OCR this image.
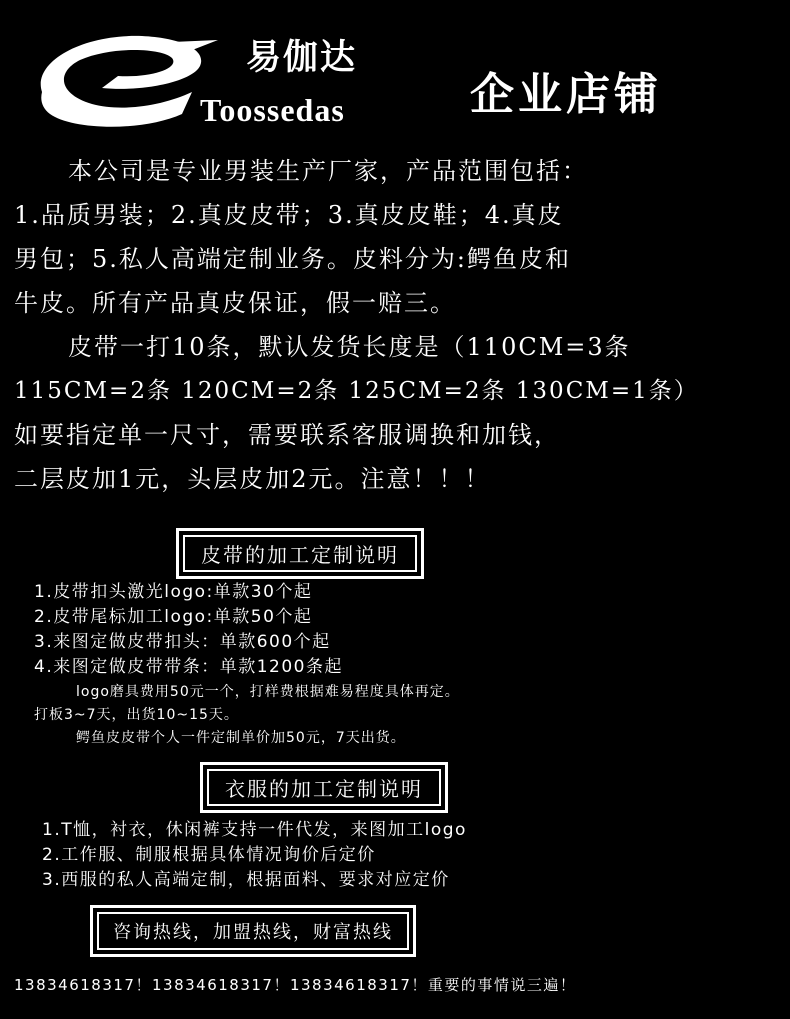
易伽达
Toossedas	企业店铺
　　本公司是专业男装生产厂家，产品范围包括：
1.品质男装；2.真皮皮带；3.真皮皮鞋；4.真皮
男包；5.私人高端定制业务。皮料分为:鳄鱼皮和
牛皮。所有产品真皮保证，假一赔三。
　　皮带一打10条，默认发货长度是（110CM=3条
115CM=2条 120CM=2条 125CM=2条 130CM=1条）
如要指定单一尺寸，需要联系客服调换和加钱，
二层皮加1元，头层皮加2元。注意！！！
皮带的加工定制说明
1.皮带扣头激光logo:单款30个起
2.皮带尾标加工logo:单款50个起
3.来图定做皮带扣头：单款600个起
4.来图定做皮带带条：单款1200条起
logo磨具费用50元一个，打样费根据难易程度具体再定。
打板3~7天，出货10~15天。
鳄鱼皮皮带个人一件定制单价加50元，7天出货。
衣服的加工定制说明
1.T恤，衬衣，休闲裤支持一件代发，来图加工logo
2.工作服、制服根据具体情况询价后定价
3.西服的私人高端定制，根据面料、要求对应定价
咨询热线，加盟热线，财富热线
13834618317！13834618317！13834618317！重要的事情说三遍！
